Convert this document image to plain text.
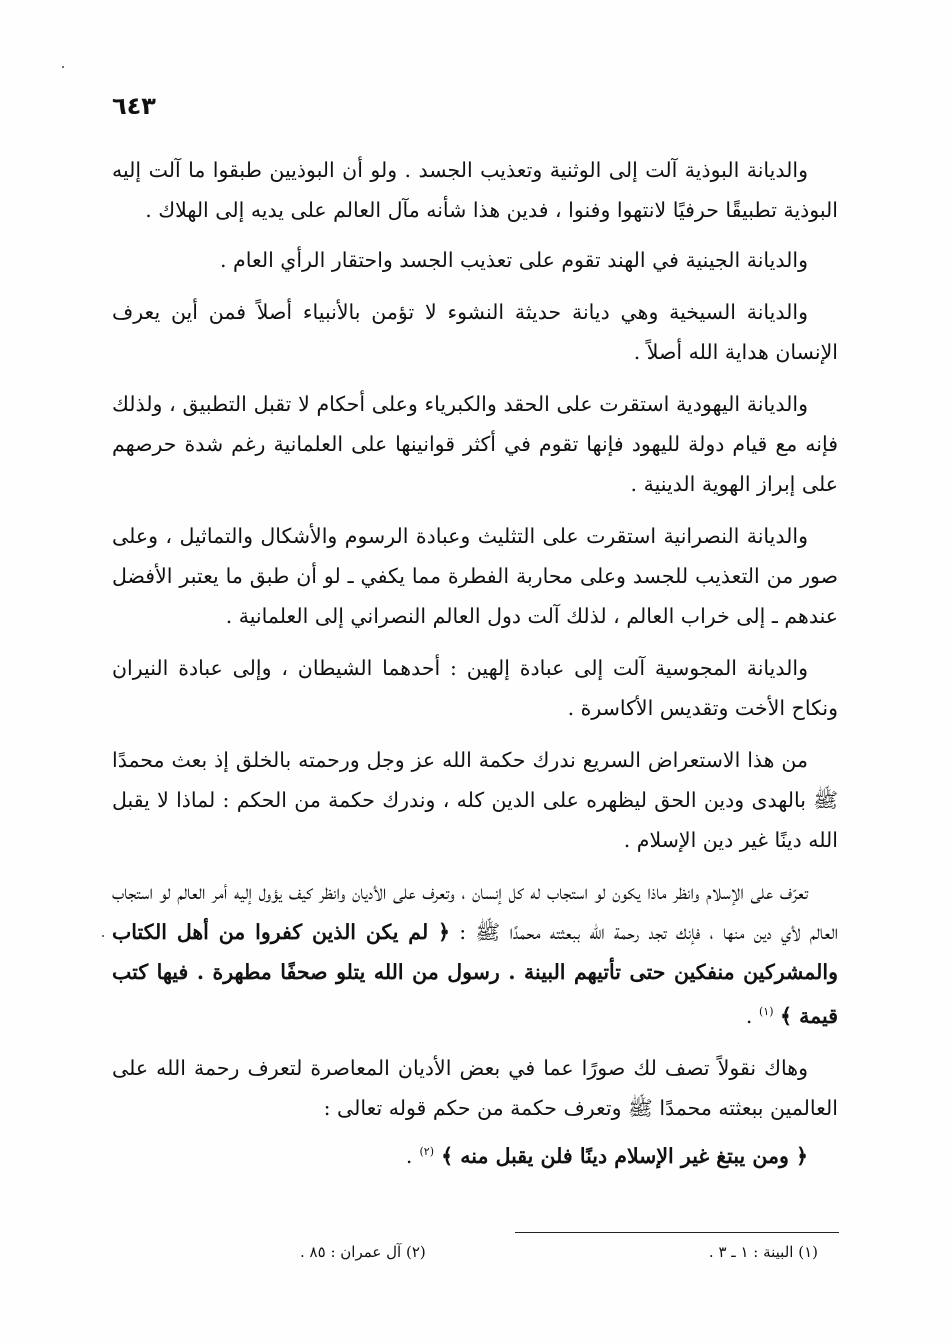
٦٤٣

والديانة البوذية آلت إلى الوثنية وتعذيب الجسد . ولو أن البوذيين طبقوا ما آلت إليه البوذية تطبيقًا حرفيًا لانتهوا وفنوا ، فدين هذا شأنه مآل العالم على يديه إلى الهلاك .

والديانة الجينية في الهند تقوم على تعذيب الجسد واحتقار الرأي العام .

والديانة السيخية وهي ديانة حديثة النشوء لا تؤمن بالأنبياء أصلاً فمن أين يعرف الإنسان هداية الله أصلاً .

والديانة اليهودية استقرت على الحقد والكبرياء وعلى أحكام لا تقبل التطبيق ، ولذلك فإنه مع قيام دولة لليهود فإنها تقوم في أكثر قوانينها على العلمانية رغم شدة حرصهم على إبراز الهوية الدينية .

والديانة النصرانية استقرت على التثليث وعبادة الرسوم والأشكال والتماثيل ، وعلى صور من التعذيب للجسد وعلى محاربة الفطرة مما يكفي ـ لو أن طبق ما يعتبر الأفضل عندهم ـ إلى خراب العالم ، لذلك آلت دول العالم النصراني إلى العلمانية .

والديانة المجوسية آلت إلى عبادة إلهين : أحدهما الشيطان ، وإلى عبادة النيران ونكاح الأخت وتقديس الأكاسرة .

من هذا الاستعراض السريع ندرك حكمة الله عز وجل ورحمته بالخلق إذ بعث محمدًا ﷺ بالهدى ودين الحق ليظهره على الدين كله ، وندرك حكمة من الحكم : لماذا لا يقبل الله دينًا غير دين الإسلام .

تعرّف على الإسلام وانظر ماذا يكون لو استجاب له كل إنسان ، وتعرف على الأديان وانظر كيف يؤول إليه أمر العالم لو استجاب العالم لأي دين منها ، فإنك تجد رحمة الله ببعثته محمدًا ﷺ : ﴿ لم يكن الذين كفروا من أهل الكتاب والمشركين منفكين حتى تأتيهم البينة . رسول من الله يتلو صحفًا مطهرة . فيها كتب قيمة ﴾ $^{(١)}$ .

وهاك نقولاً تصف لك صورًا عما في بعض الأديان المعاصرة لتعرف رحمة الله على العالمين ببعثته محمدًا ﷺ وتعرف حكمة من حكم قوله تعالى :

﴿ ومن يبتغ غير الإسلام دينًا فلن يقبل منه ﴾ $^{(٢)}$ .

(١) البينة : ١ ـ ٣ .
(٢) آل عمران : ٨٥ .
